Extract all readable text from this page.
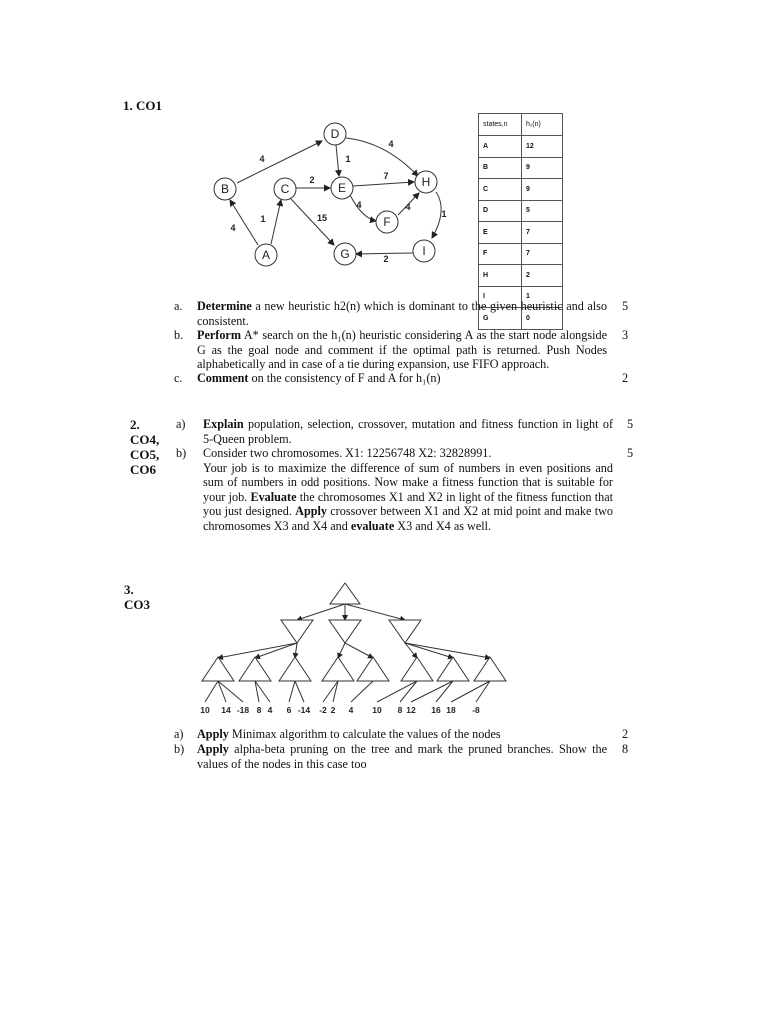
1. CO1
D
B	C	E	H
F
A	G	I
4	1
4
1
2	7
4
15
4
1
2
4
states,n	h₁(n)
A	12
B	9
C	9
D	5
E	7
F	7
H	2
I	1
G	0
a.	Determine a new heuristic h2(n) which is dominant to the given heuristic and also consistent.
5
b.	Perform A* search on the h₁(n) heuristic considering A as the start node alongside G as the goal node and comment if the optimal path is returned. Push Nodes alphabetically and in case of a tie during expansion, use FIFO approach.
3
c.	Comment on the consistency of F and A for h₁(n)	2
2.
CO4,
CO5,
CO6
a)	Explain population, selection, crossover, mutation and fitness function in light of 5-Queen problem.
5
b)	Consider two chromosomes. X1: 12256748 X2: 32828991.
Your job is to maximize the difference of sum of numbers in even positions and sum of numbers in odd positions. Now make a fitness function that is suitable for your job. Evaluate the chromosomes X1 and X2 in light of the fitness function that you just designed. Apply crossover between X1 and X2 at mid point and make two chromosomes X3 and X4 and evaluate X3 and X4 as well.
5
3.
CO3
10 14 -18 8 4 6 -14 -2 2 4 10 8 12 16 18 -8
a)	Apply Minimax algorithm to calculate the values of the nodes	2
b)	Apply alpha-beta pruning on the tree and mark the pruned branches. Show the values of the nodes in this case too
8
